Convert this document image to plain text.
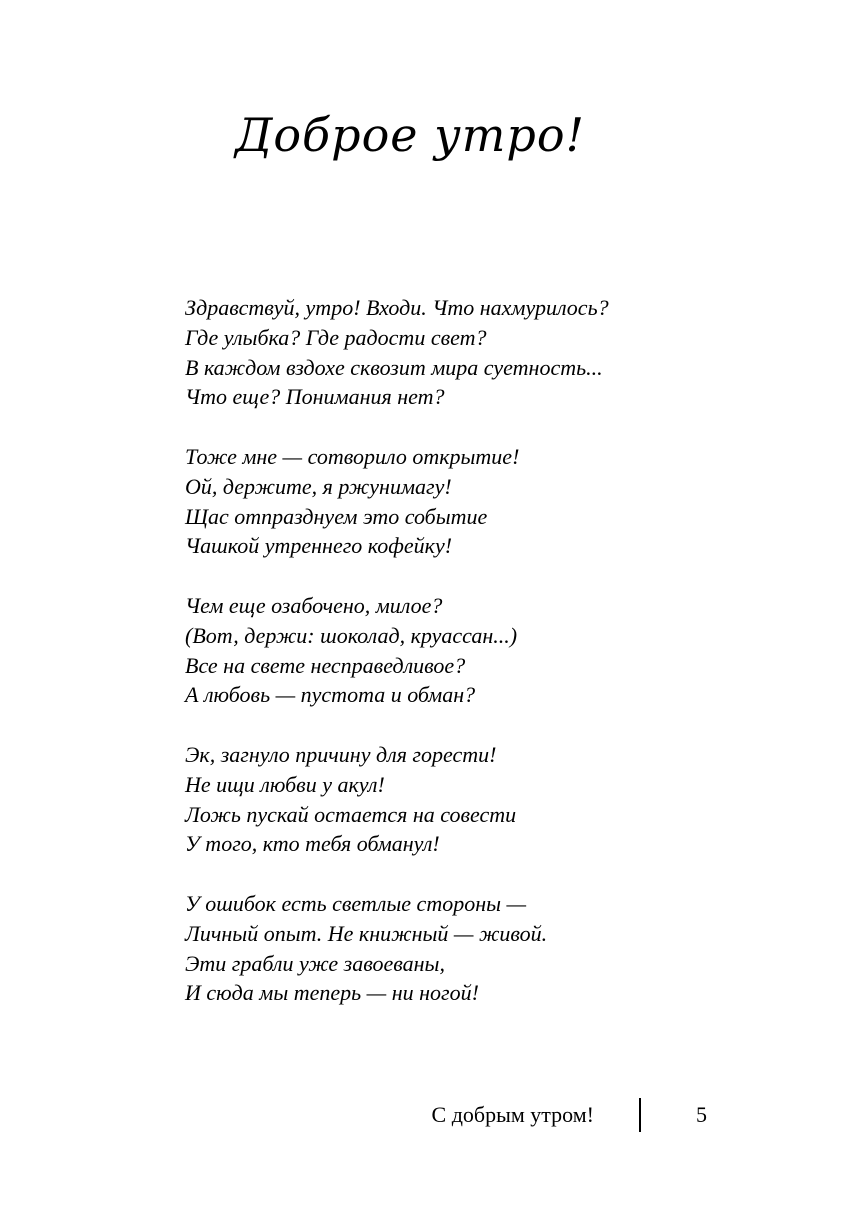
Доброе утро!
Здравствуй, утро! Входи. Что нахмурилось?
Где улыбка? Где радости свет?
В каждом вздохе сквозит мира суетность...
Что еще? Понимания нет?
Тоже мне — сотворило открытие!
Ой, держите, я ржунимагу!
Щас отпразднуем это событие
Чашкой утреннего кофейку!
Чем еще озабочено, милое?
(Вот, держи: шоколад, круассан...)
Все на свете несправедливое?
А любовь — пустота и обман?
Эк, загнуло причину для горести!
Не ищи любви у акул!
Ложь пускай остается на совести
У того, кто тебя обманул!
У ошибок есть светлые стороны —
Личный опыт. Не книжный — живой.
Эти грабли уже завоеваны,
И сюда мы теперь — ни ногой!
С добрым утром!	5
